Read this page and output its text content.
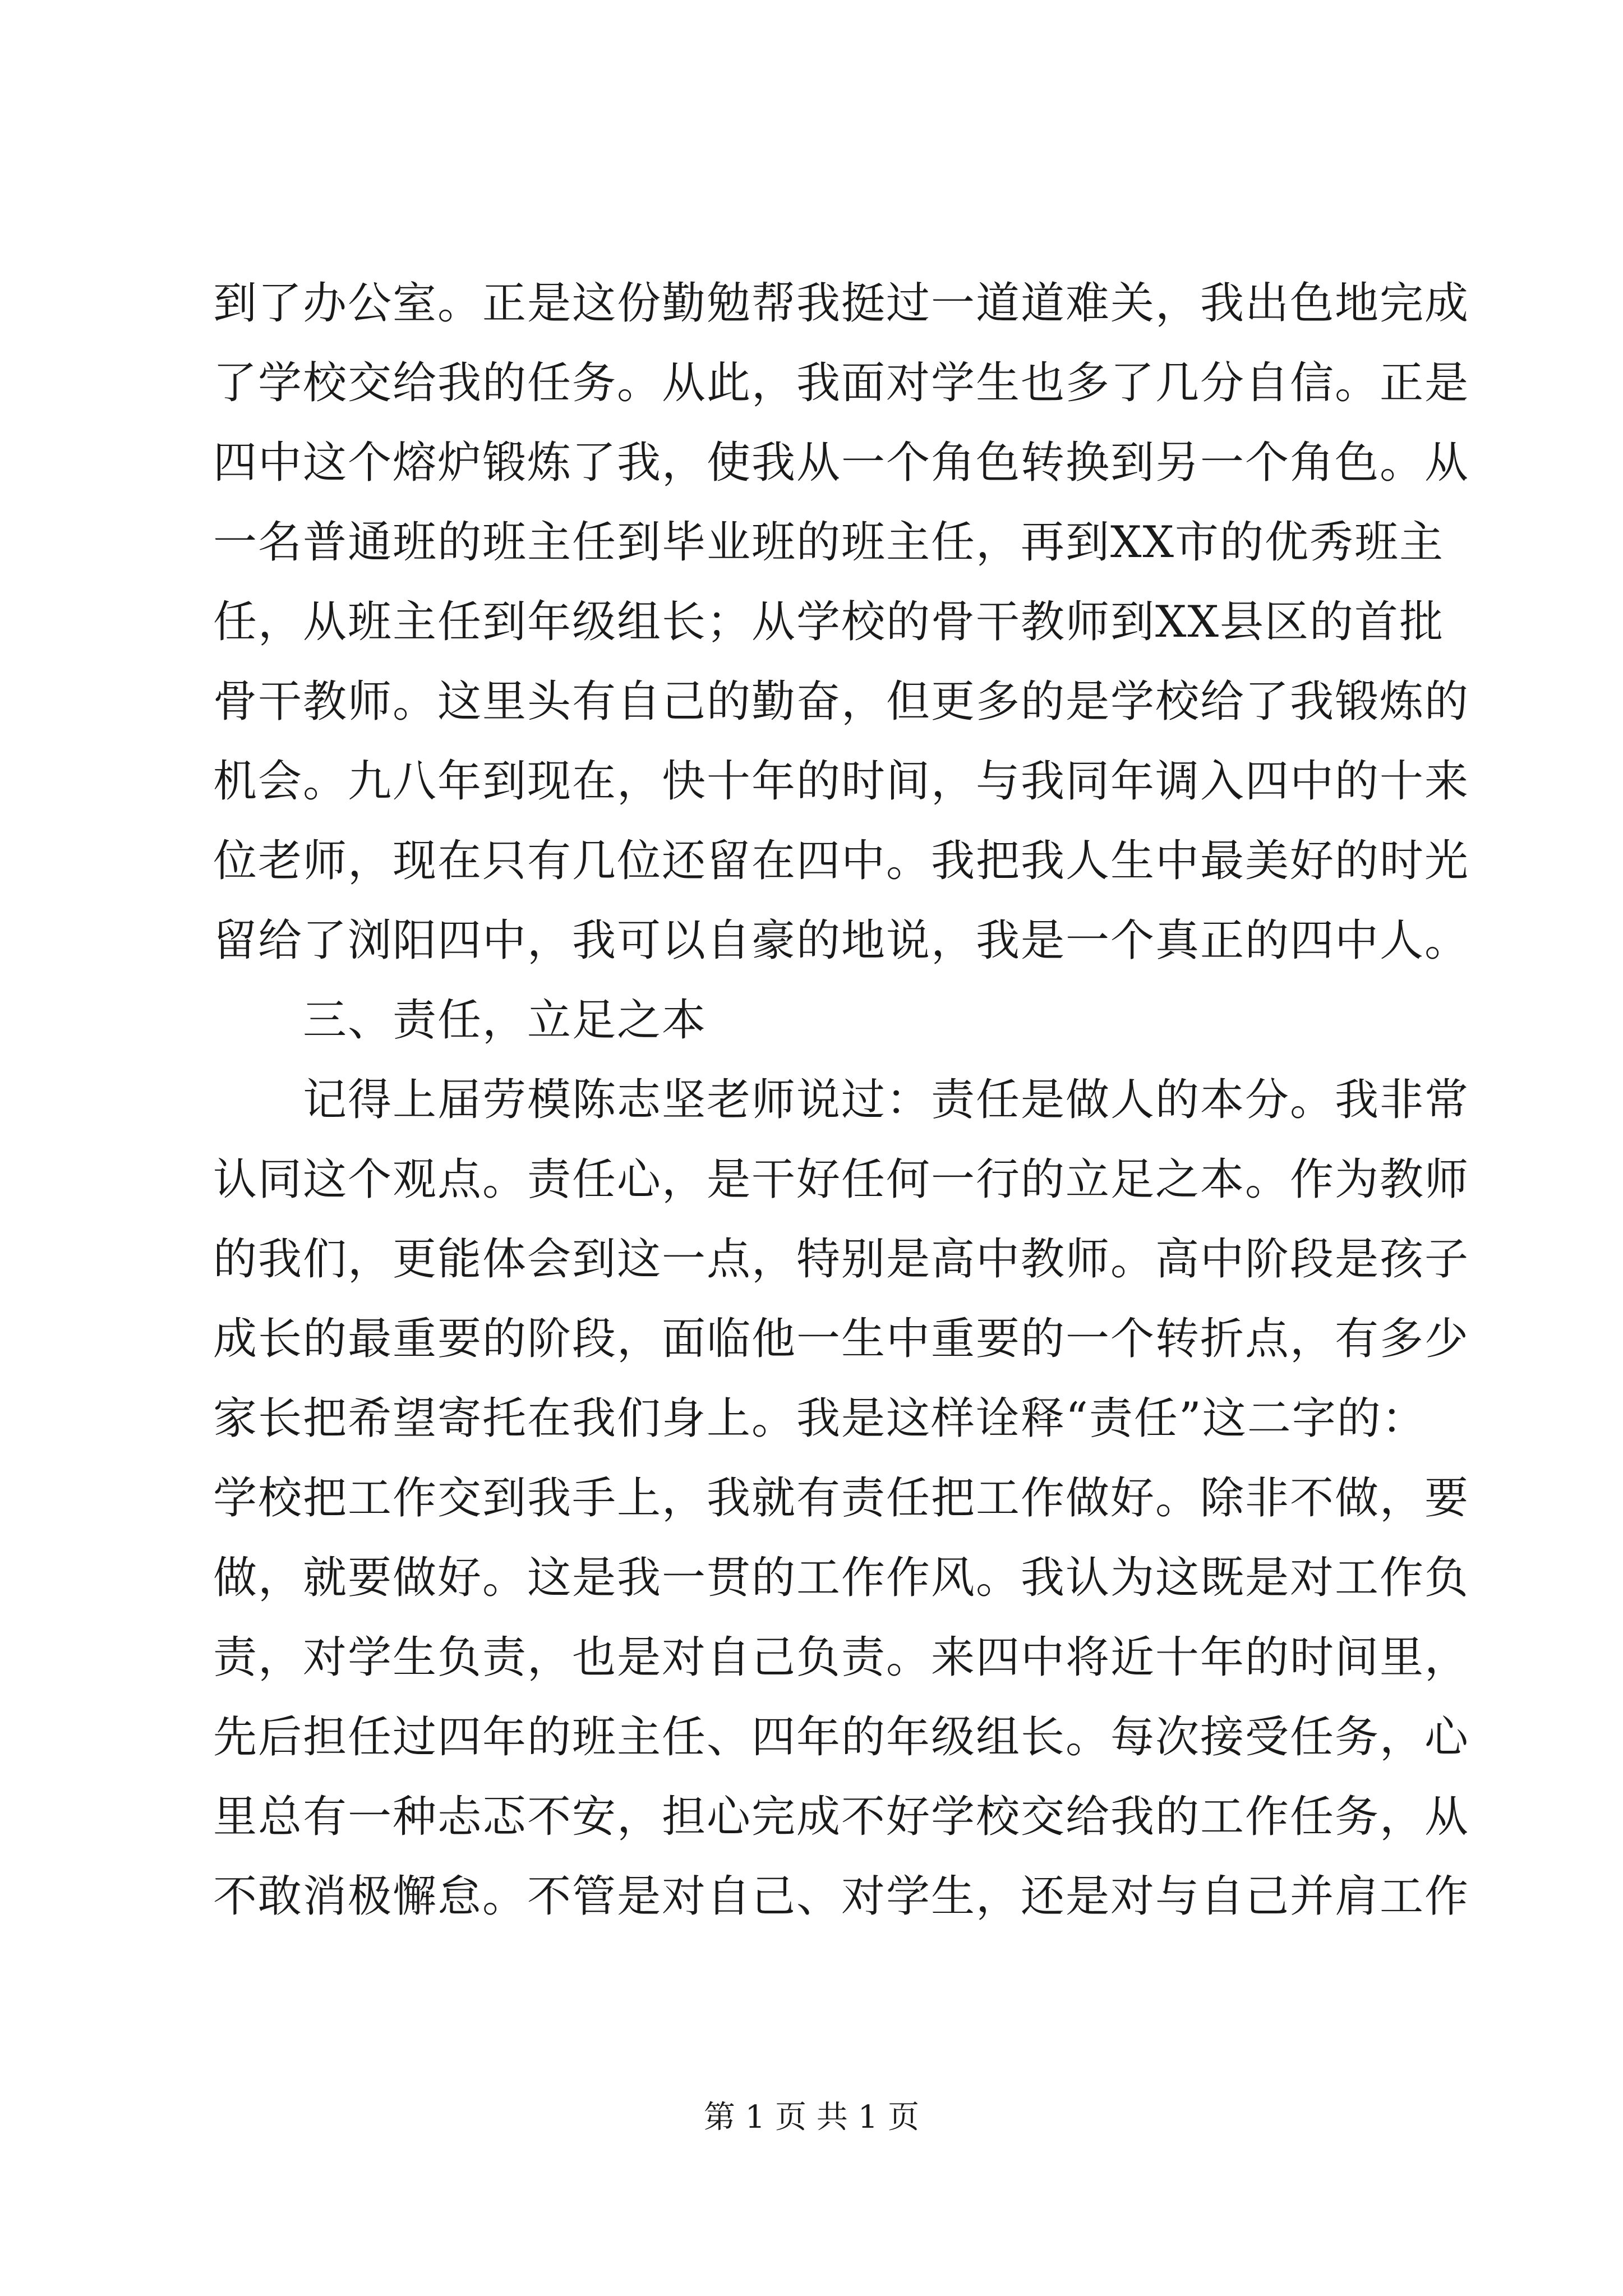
到了办公室。正是这份勤勉帮我挺过一道道难关，我出色地完成
了学校交给我的任务。从此，我面对学生也多了几分自信。正是
四中这个熔炉锻炼了我，使我从一个角色转换到另一个角色。从
一名普通班的班主任到毕业班的班主任，再到XX市的优秀班主
任，从班主任到年级组长；从学校的骨干教师到XX县区的首批
骨干教师。这里头有自己的勤奋，但更多的是学校给了我锻炼的
机会。九八年到现在，快十年的时间，与我同年调入四中的十来
位老师，现在只有几位还留在四中。我把我人生中最美好的时光
留给了浏阳四中，我可以自豪的地说，我是一个真正的四中人。
三、责任，立足之本
记得上届劳模陈志坚老师说过：责任是做人的本分。我非常
认同这个观点。责任心，是干好任何一行的立足之本。作为教师
的我们，更能体会到这一点，特别是高中教师。高中阶段是孩子
成长的最重要的阶段，面临他一生中重要的一个转折点，有多少
家长把希望寄托在我们身上。我是这样诠释“责任”这二字的：
学校把工作交到我手上，我就有责任把工作做好。除非不做，要
做，就要做好。这是我一贯的工作作风。我认为这既是对工作负
责，对学生负责，也是对自己负责。来四中将近十年的时间里，
先后担任过四年的班主任、四年的年级组长。每次接受任务，心
里总有一种忐忑不安，担心完成不好学校交给我的工作任务，从
不敢消极懈怠。不管是对自己、对学生，还是对与自己并肩工作
第 1 页 共 1 页
